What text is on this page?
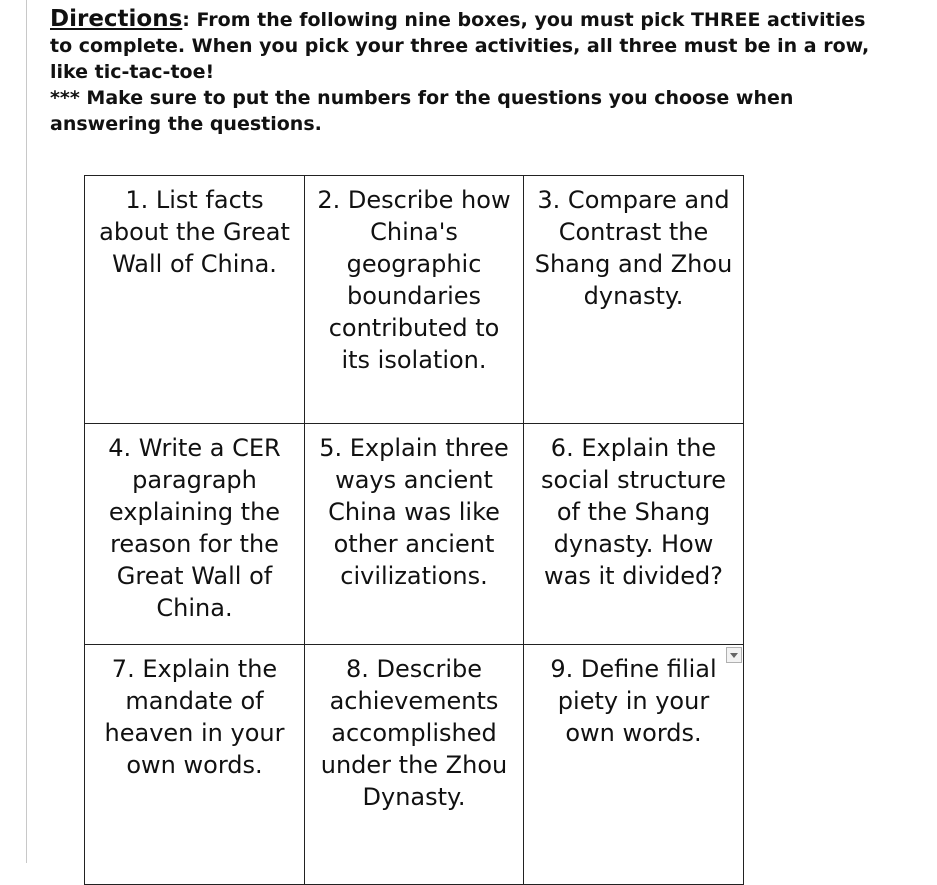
Directions: From the following nine boxes, you must pick THREE activities to complete. When you pick your three activities, all three must be in a row, like tic-tac-toe!
*** Make sure to put the numbers for the questions you choose when answering the questions.
1. List facts about the Great Wall of China.	2. Describe how China's geographic boundaries contributed to its isolation.	3. Compare and Contrast the Shang and Zhou dynasty.
4. Write a CER paragraph explaining the reason for the Great Wall of China.	5. Explain three ways ancient China was like other ancient civilizations.	6. Explain the social structure of the Shang dynasty. How was it divided?
7. Explain the mandate of heaven in your own words.	8. Describe achievements accomplished under the Zhou Dynasty.	9. Define filial piety in your own words.
